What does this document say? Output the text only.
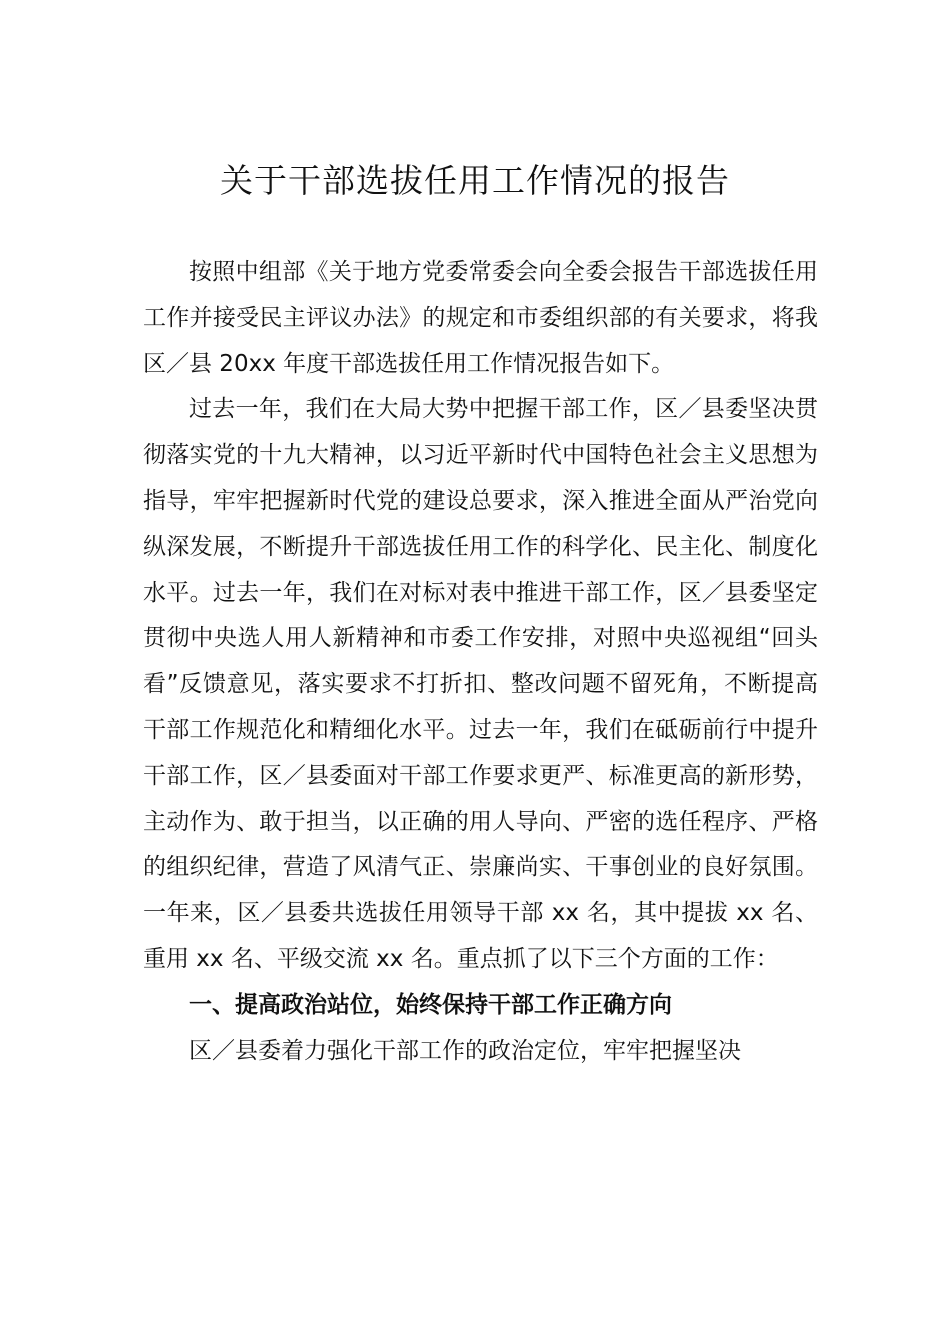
关于干部选拔任用工作情况的报告

按照中组部《关于地方党委常委会向全委会报告干部选拔任用工作并接受民主评议办法》的规定和市委组织部的有关要求，将我区／县 20xx 年度干部选拔任用工作情况报告如下。

过去一年，我们在大局大势中把握干部工作，区／县委坚决贯彻落实党的十九大精神，以习近平新时代中国特色社会主义思想为指导，牢牢把握新时代党的建设总要求，深入推进全面从严治党向纵深发展，不断提升干部选拔任用工作的科学化、民主化、制度化水平。过去一年，我们在对标对表中推进干部工作，区／县委坚定贯彻中央选人用人新精神和市委工作安排，对照中央巡视组“回头看”反馈意见，落实要求不打折扣、整改问题不留死角，不断提高干部工作规范化和精细化水平。过去一年，我们在砥砺前行中提升干部工作，区／县委面对干部工作要求更严、标准更高的新形势， 主动作为、敢于担当，以正确的用人导向、严密的选任程序、严格的组织纪律，营造了风清气正、崇廉尚实、干事创业的良好氛围。一年来，区／县委共选拔任用领导干部 xx 名，其中提拔 xx 名、重用 xx 名、平级交流 xx 名。重点抓了以下三个方面的工作：

一、提高政治站位，始终保持干部工作正确方向

区／县委着力强化干部工作的政治定位，牢牢把握坚决
